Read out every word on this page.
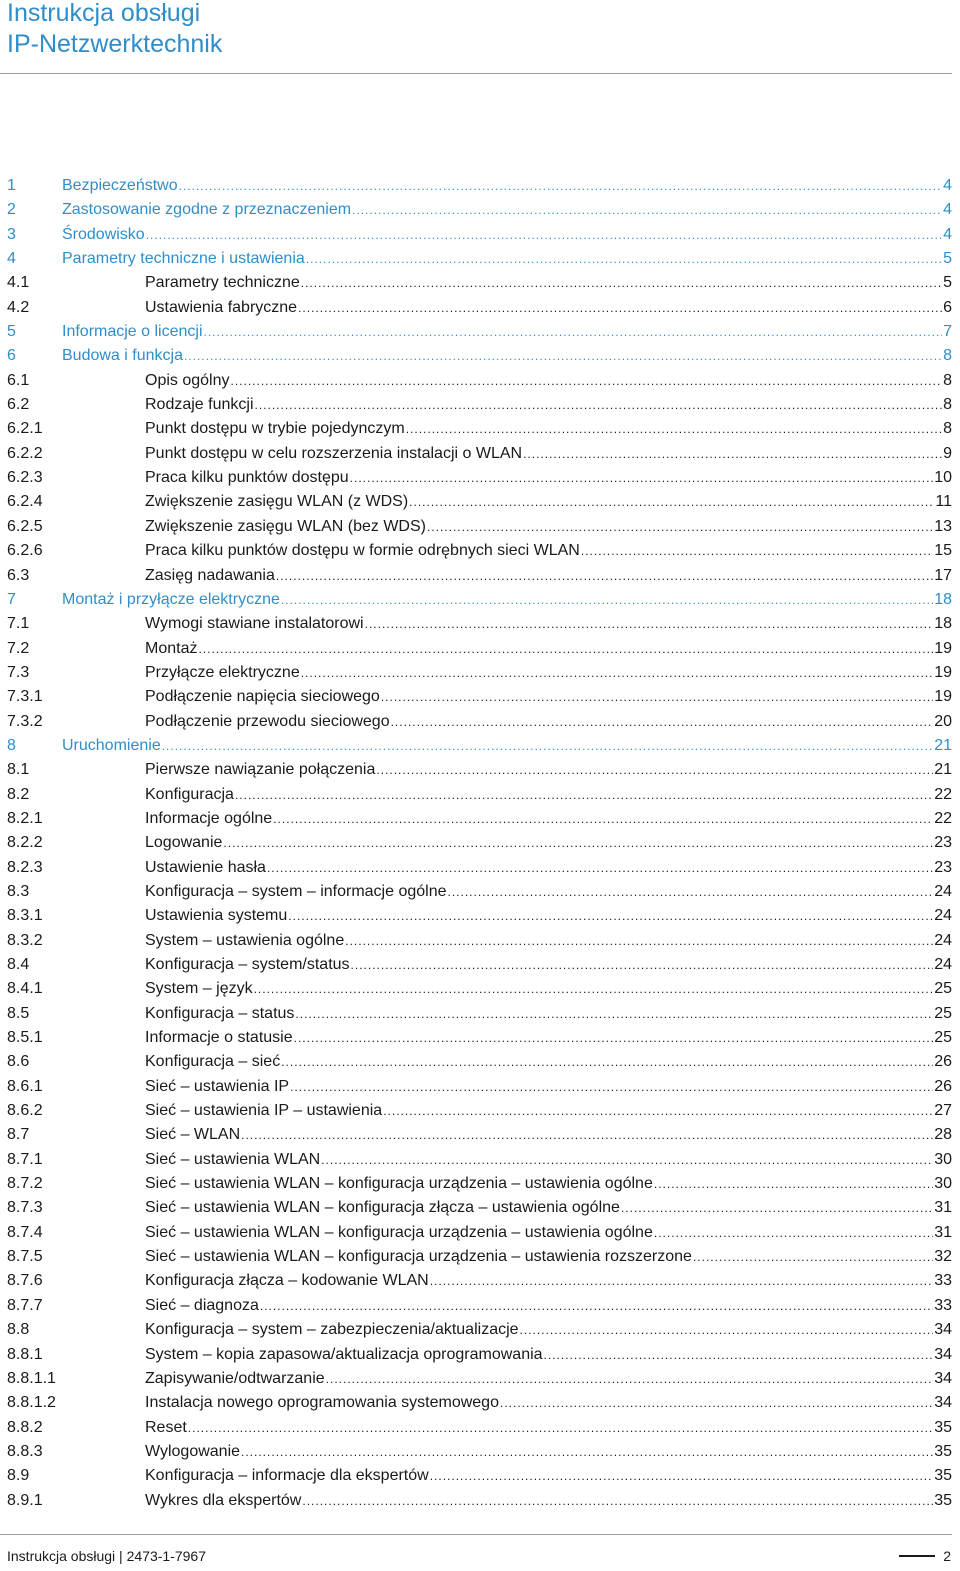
Instrukcja obsługi
IP-Netzwerktechnik
1	Bezpieczeństwo .....	4
2	Zastosowanie zgodne z przeznaczeniem .....	4
3	Środowisko .....	4
4	Parametry techniczne i ustawienia .....	5
4.1	Parametry techniczne .....	5
4.2	Ustawienia fabryczne .....	6
5	Informacje o licencji .....	7
6	Budowa i funkcja .....	8
6.1	Opis ogólny .....	8
6.2	Rodzaje funkcji .....	8
6.2.1	Punkt dostępu w trybie pojedynczym .....	8
6.2.2	Punkt dostępu w celu rozszerzenia instalacji o WLAN .....	9
6.2.3	Praca kilku punktów dostępu .....	10
6.2.4	Zwiększenie zasięgu WLAN (z WDS) .....	11
6.2.5	Zwiększenie zasięgu WLAN (bez WDS) .....	13
6.2.6	Praca kilku punktów dostępu w formie odrębnych sieci WLAN .....	15
6.3	Zasięg nadawania .....	17
7	Montaż i przyłącze elektryczne .....	18
7.1	Wymogi stawiane instalatorowi .....	18
7.2	Montaż .....	19
7.3	Przyłącze elektryczne .....	19
7.3.1	Podłączenie napięcia sieciowego .....	19
7.3.2	Podłączenie przewodu sieciowego .....	20
8	Uruchomienie .....	21
8.1	Pierwsze nawiązanie połączenia .....	21
8.2	Konfiguracja .....	22
8.2.1	Informacje ogólne .....	22
8.2.2	Logowanie .....	23
8.2.3	Ustawienie hasła .....	23
8.3	Konfiguracja – system – informacje ogólne .....	24
8.3.1	Ustawienia systemu .....	24
8.3.2	System – ustawienia ogólne .....	24
8.4	Konfiguracja – system/status .....	24
8.4.1	System – język .....	25
8.5	Konfiguracja – status .....	25
8.5.1	Informacje o statusie .....	25
8.6	Konfiguracja – sieć .....	26
8.6.1	Sieć – ustawienia IP .....	26
8.6.2	Sieć – ustawienia IP – ustawienia .....	27
8.7	Sieć – WLAN .....	28
8.7.1	Sieć – ustawienia WLAN .....	30
8.7.2	Sieć – ustawienia WLAN – konfiguracja urządzenia – ustawienia ogólne .....	30
8.7.3	Sieć – ustawienia WLAN – konfiguracja złącza – ustawienia ogólne .....	31
8.7.4	Sieć – ustawienia WLAN – konfiguracja urządzenia – ustawienia ogólne .....	31
8.7.5	Sieć – ustawienia WLAN – konfiguracja urządzenia – ustawienia rozszerzone .....	32
8.7.6	Konfiguracja złącza – kodowanie WLAN .....	33
8.7.7	Sieć – diagnoza .....	33
8.8	Konfiguracja – system – zabezpieczenia/aktualizacje .....	34
8.8.1	System – kopia zapasowa/aktualizacja oprogramowania .....	34
8.8.1.1	Zapisywanie/odtwarzanie .....	34
8.8.1.2	Instalacja nowego oprogramowania systemowego .....	34
8.8.2	Reset .....	35
8.8.3	Wylogowanie .....	35
8.9	Konfiguracja – informacje dla ekspertów .....	35
8.9.1	Wykres dla ekspertów .....	35
Instrukcja obsługi | 2473-1-7967	2
